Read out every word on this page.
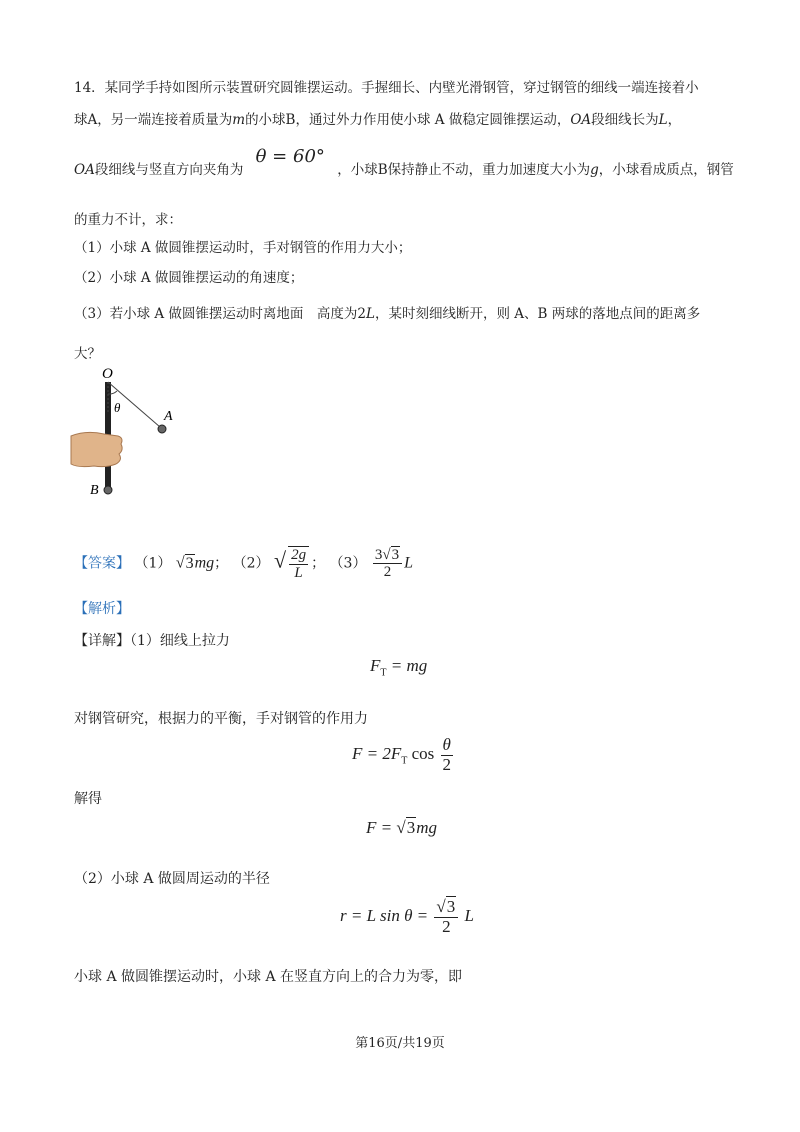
14．某同学手持如图所示装置研究圆锥摆运动。手握细长、内壁光滑钢管，穿过钢管的细线一端连接着小
球A，另一端连接着质量为m的小球B，通过外力作用使小球 A 做稳定圆锥摆运动，OA段细线长为L，
OA段细线与竖直方向夹角为 θ = 60° ，小球B保持静止不动，重力加速度大小为g，小球看成质点，钢管
的重力不计，求：
（1）小球 A 做圆锥摆运动时，手对钢管的作用力大小；
（2）小球 A 做圆锥摆运动的角速度；
（3）若小球 A 做圆锥摆运动时离地面　高度为2L，某时刻细线断开，则 A、B 两球的落地点间的距离多
大？
O
θ
A
B
【答案】 （1） √3mg； （2） √ $\frac{2g}{L}$ ； $(3) \frac{3√3}{2}$ L
【解析】
【详解】（1）细线上拉力
$F_T$ = mg
对钢管研究，根据力的平衡，手对钢管的作用力
$F = 2F_T$ $\cos \frac{\theta}{2}$
解得
F = √3mg
（2）小球 A 做圆周运动的半径
r = L $\sin \theta = \frac{√3}{2}$ L
小球 A 做圆锥摆运动时，小球 A 在竖直方向上的合力为零，即
第16页/共19页
